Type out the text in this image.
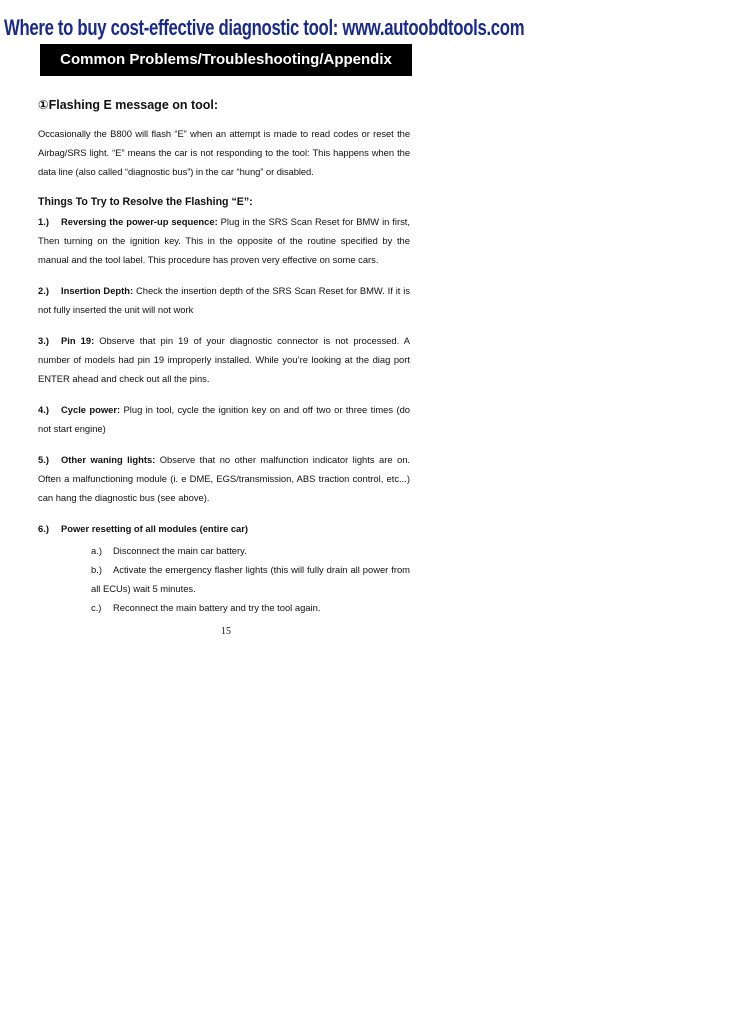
Where to buy cost-effective diagnostic tool: www.autoobdtools.com
Common Problems/Troubleshooting/Appendix
①Flashing E message on tool:

Occasionally the B800 will flash “E” when an attempt is made to read codes or reset the Airbag/SRS light. “E” means the car is not responding to the tool: This happens when the data line (also called “diagnostic bus”) in the car “hung” or disabled.

Things To Try to Resolve the Flashing “E”:

1.) Reversing the power-up sequence: Plug in the SRS Scan Reset for BMW in first, Then turning on the ignition key. This in the opposite of the routine specified by the manual and the tool label. This procedure has proven very effective on some cars.

2.) Insertion Depth: Check the insertion depth of the SRS Scan Reset for BMW. If it is not fully inserted the unit will not work

3.) Pin 19: Observe that pin 19 of your diagnostic connector is not processed. A number of models had pin 19 improperly installed. While you’re looking at the diag port ENTER ahead and check out all the pins.

4.) Cycle power: Plug in tool, cycle the ignition key on and off two or three times (do not start engine)

5.) Other waning lights: Observe that no other malfunction indicator lights are on. Often a malfunctioning module (i. e DME, EGS/transmission, ABS traction control, etc...) can hang the diagnostic bus (see above).

6.) Power resetting of all modules (entire car)

a.) Disconnect the main car battery.

b.) Activate the emergency flasher lights (this will fully drain all power from all ECUs) wait 5 minutes.

c.) Reconnect the main battery and try the tool again.

15
